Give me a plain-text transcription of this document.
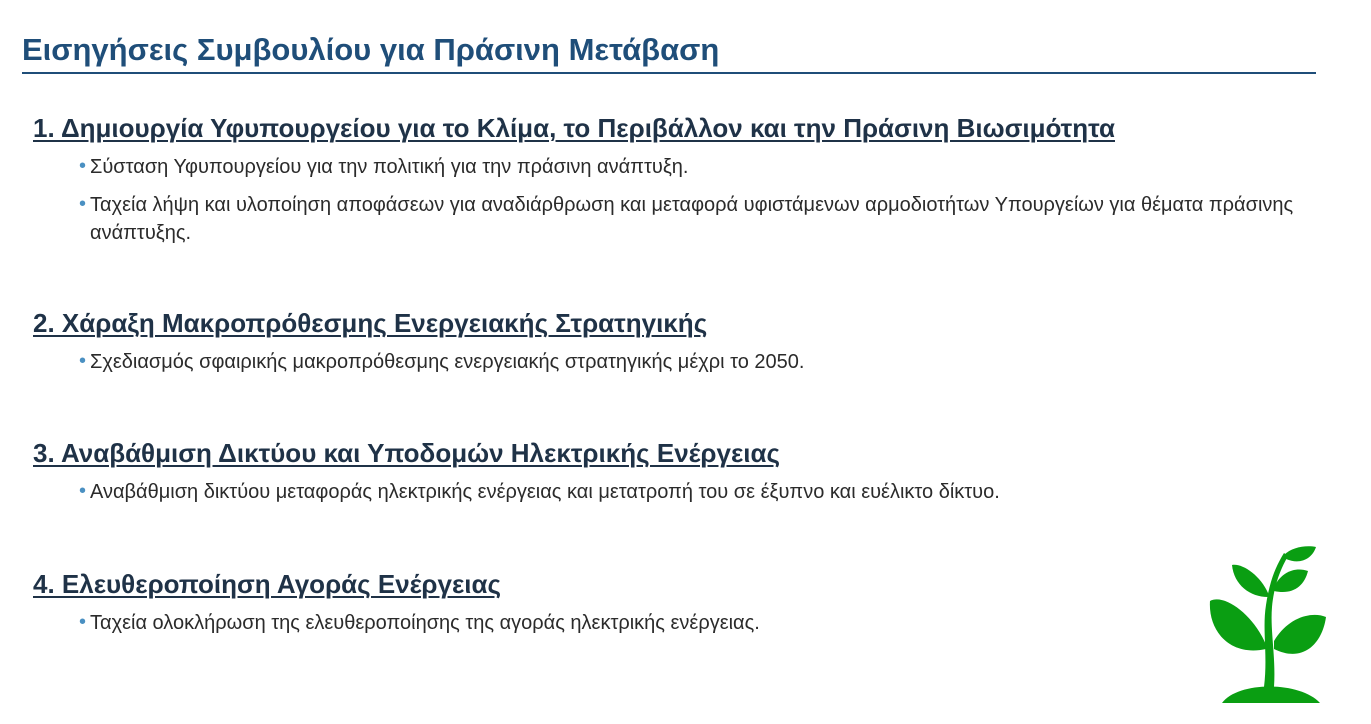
Εισηγήσεις Συμβουλίου για Πράσινη Μετάβαση
1. Δημιουργία Υφυπουργείου για το Κλίμα, το Περιβάλλον και την Πράσινη Βιωσιμότητα
• Σύσταση Υφυπουργείου για την πολιτική για την πράσινη ανάπτυξη.
• Ταχεία λήψη και υλοποίηση αποφάσεων για αναδιάρθρωση και μεταφορά υφιστάμενων αρμοδιοτήτων Υπουργείων για θέματα πράσινης ανάπτυξης.
2. Χάραξη Μακροπρόθεσμης Ενεργειακής Στρατηγικής
• Σχεδιασμός σφαιρικής μακροπρόθεσμης ενεργειακής στρατηγικής μέχρι το 2050.
3. Αναβάθμιση Δικτύου και Υποδομών Ηλεκτρικής Ενέργειας
• Αναβάθμιση δικτύου μεταφοράς ηλεκτρικής ενέργειας και μετατροπή του σε έξυπνο και ευέλικτο δίκτυο.
4. Ελευθεροποίηση Αγοράς Ενέργειας
• Ταχεία ολοκλήρωση της ελευθεροποίησης της αγοράς ηλεκτρικής ενέργειας.
